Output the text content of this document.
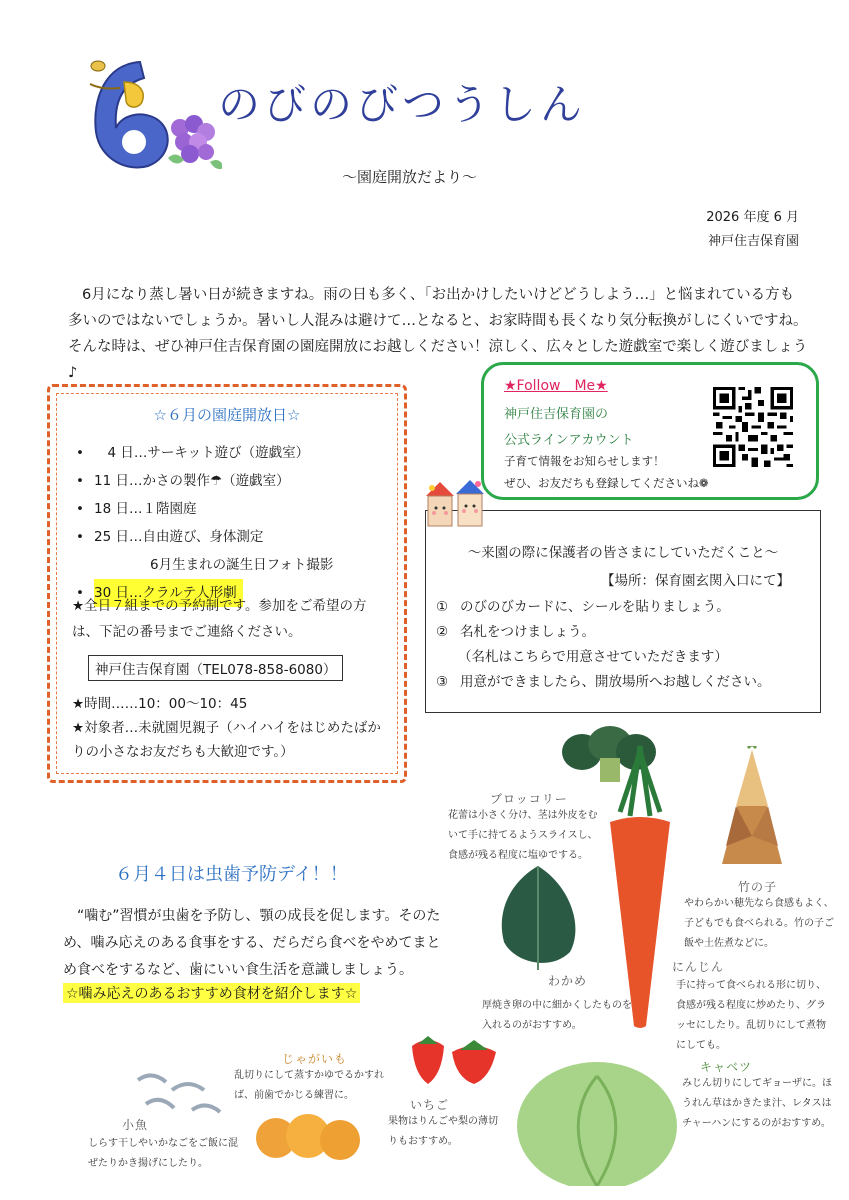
のびのびつうしん
～園庭開放だより～
2026 年度 6 月
神戸住吉保育園

6月になり蒸し暑い日が続きますね。雨の日も多く、「お出かけしたいけどどうしよう…」と悩まれている方も多いのではないでしょうか。暑いし人混みは避けて…となると、お家時間も長くなり気分転換がしにくいですね。そんな時は、ぜひ神戸住吉保育園の園庭開放にお越しください！涼しく、広々とした遊戯室で楽しく遊びましょう♪

☆６月の園庭開放日☆
• 　4 日…サーキット遊び（遊戯室）
• 11 日…かさの製作☂（遊戯室）
• 18 日…１階園庭
• 25 日…自由遊び、身体測定
6月生まれの誕生日フォト撮影
• 30 日…クラルテ人形劇
★全日７組までの予約制です。参加をご希望の方は、下記の番号までご連絡ください。
神戸住吉保育園（TEL078-858-6080）
★時間……10：00～10：45
★対象者…未就園児親子（ハイハイをはじめたばかりの小さなお友だちも大歓迎です。）
★Follow　Me★
神戸住吉保育園の
公式ラインアカウント
子育て情報をお知らせします！
ぜひ、お友だちも登録してくださいね❁
～来園の際に保護者の皆さまにしていただくこと～
【場所：保育園玄関入口にて】
① のびのびカードに、シールを貼りましょう。
② 名札をつけましょう。
（名札はこちらで用意させていただきます）
③ 用意ができましたら、開放場所へお越しください。
６月４日は虫歯予防デイ！！

“噛む”習慣が虫歯を予防し、顎の成長を促します。そのため、噛み応えのある食事をする、だらだら食べをやめてまとめ食べをするなど、歯にいい食生活を意識しましょう。

☆噛み応えのあるおすすめ食材を紹介します☆
ブロッコリー
花蕾は小さく分け、茎は外皮をむいて手に持てるようスライスし、食感が残る程度に塩ゆでする。
竹の子
やわらかい穂先なら食感もよく、子どもでも食べられる。竹の子ご飯や土佐煮などに。
わかめ
厚焼き卵の中に細かくしたものを入れるのがおすすめ。
にんじん
手に持って食べられる形に切り、食感が残る程度に炒めたり、グラッセにしたり。乱切りにして煮物にしても。
じゃがいも
乱切りにして蒸すかゆでるかすれば、前歯でかじる練習に。
いちご
果物はりんごや梨の薄切りもおすすめ。
キャベツ
みじん切りにしてギョーザに。ほうれん草はかきたま汁、レタスはチャーハンにするのがおすすめ。
小魚
しらす干しやいかなごをご飯に混ぜたりかき揚げにしたり。
